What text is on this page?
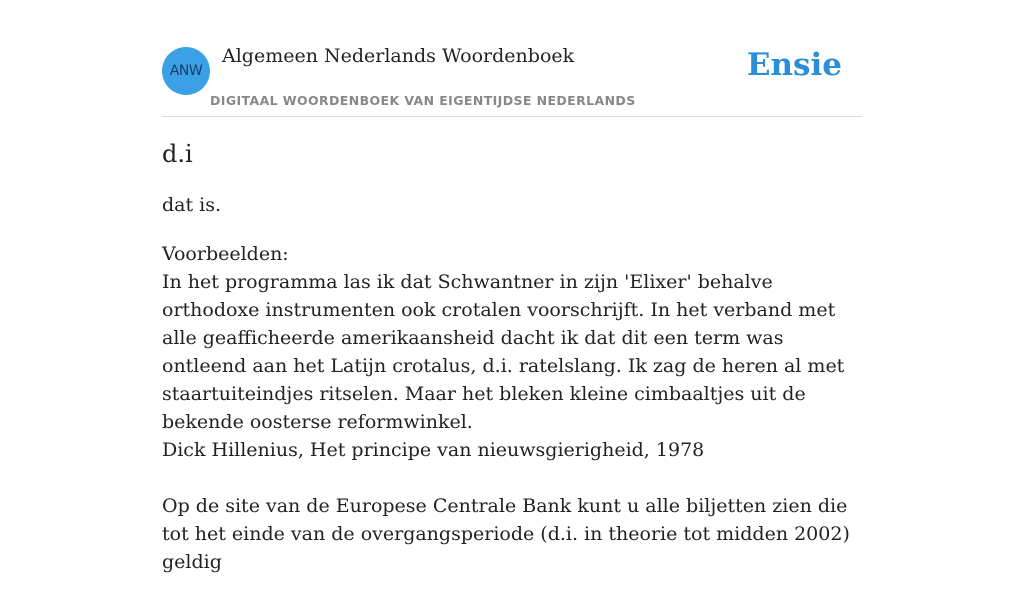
ANW
Algemeen Nederlands Woordenboek
DIGITAAL WOORDENBOEK VAN EIGENTIJDSE NEDERLANDS
Ensie
d.i

dat is.

Voorbeelden:

In het programma las ik dat Schwantner in zijn 'Elixer' behalve orthodoxe instrumenten ook crotalen voorschrijft. In het verband met alle geafficheerde amerikaansheid dacht ik dat dit een term was ontleend aan het Latijn crotalus, d.i. ratelslang. Ik zag de heren al met staartuiteindjes ritselen. Maar het bleken kleine cimbaaltjes uit de bekende oosterse reformwinkel.

Dick Hillenius, Het principe van nieuwsgierigheid, 1978

Op de site van de Europese Centrale Bank kunt u alle biljetten zien die tot het einde van de overgangsperiode (d.i. in theorie tot midden 2002) geldig
